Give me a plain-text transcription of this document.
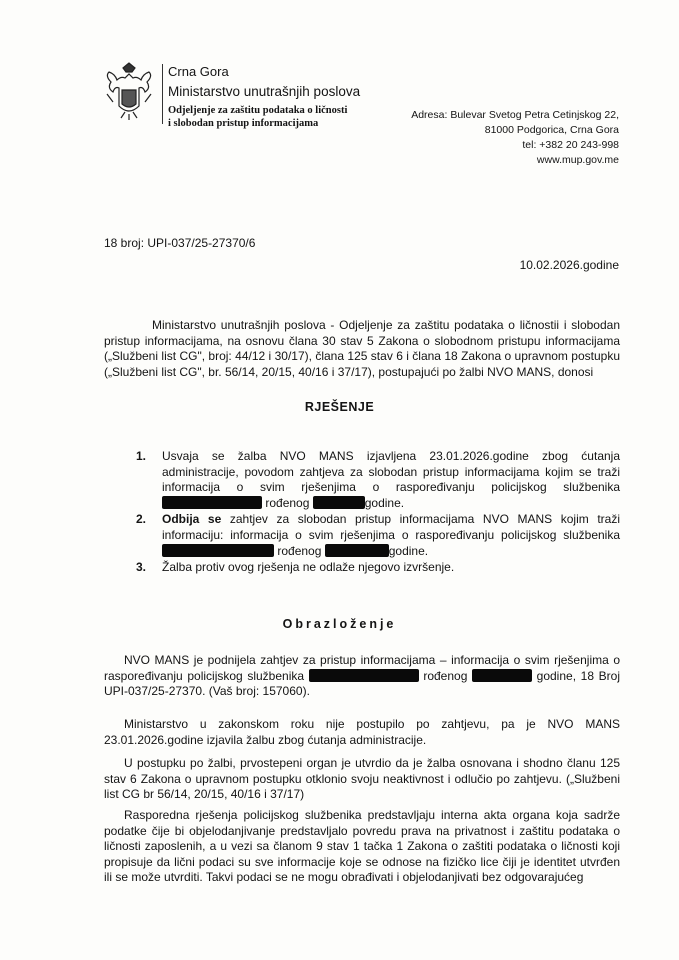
Crna Gora
Ministarstvo unutrašnjih poslova
Odjeljenje za zaštitu podataka o ličnosti
i slobodan pristup informacijama
Adresa: Bulevar Svetog Petra Cetinjskog 22,
81000 Podgorica, Crna Gora
tel: +382 20 243-998
www.mup.gov.me
18 broj: UPI-037/25-27370/6
10.02.2026.godine
Ministarstvo unutrašnjih poslova - Odjeljenje za zaštitu podataka o ličnostii i slobodan pristup informacijama, na osnovu člana 30 stav 5 Zakona o slobodnom pristupu informacijama („Službeni list CG", broj: 44/12 i 30/17), člana 125 stav 6 i člana 18 Zakona o upravnom postupku („Službeni list CG", br. 56/14, 20/15, 40/16 i 37/17), postupajući po žalbi NVO MANS, donosi
RJEŠENJE
1. Usvaja se žalba NVO MANS izjavljena 23.01.2026.godine zbog ćutanja administracije, povodom zahtjeva za slobodan pristup informacijama kojim se traži informacija o svim rješenjima o raspoređivanju policijskog službenika  rođenog	godine.
2. Odbija se zahtjev za slobodan pristup informacijama NVO MANS kojim traži informaciju: informacija o svim rješenjima o raspoređivanju policijskog službenika  rođenog	godine.
3. Žalba protiv ovog rješenja ne odlaže njegovo izvršenje.
Obrazloženje
NVO MANS je podnijela zahtjev za pristup informacijama – informacija o svim rješenjima o raspoređivanju policijskog službenika	rođenog	godine, 18 Broj UPI-037/25-27370. (Vaš broj: 157060).
Ministarstvo u zakonskom roku nije postupilo po zahtjevu, pa je NVO MANS 23.01.2026.godine izjavila žalbu zbog ćutanja administracije.
U postupku po žalbi, prvostepeni organ je utvrdio da je žalba osnovana i shodno članu 125 stav 6 Zakona o upravnom postupku otklonio svoju neaktivnost i odlučio po zahtjevu. („Službeni list CG br 56/14, 20/15, 40/16 i 37/17)
Rasporedna rješenja policijskog službenika predstavljaju interna akta organa koja sadrže podatke čije bi objelodanjivanje predstavljalo povredu prava na privatnost i zaštitu podataka o ličnosti zaposlenih, a u vezi sa članom 9 stav 1 tačka 1 Zakona o zaštiti podataka o ličnosti koji propisuje da lični podaci su sve informacije koje se odnose na fizičko lice čiji je identitet utvrđen ili se može utvrditi. Takvi podaci se ne mogu obrađivati i objelodanjivati bez odgovarajućeg
